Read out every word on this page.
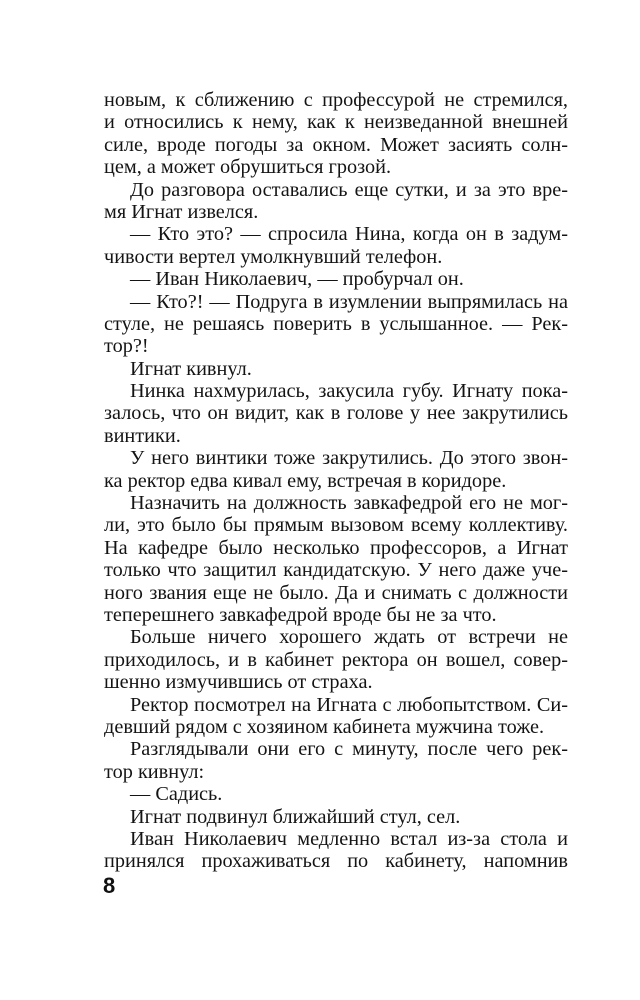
новым, к сближению с профессурой не стремился,
и относились к нему, как к неизведанной внешней
силе, вроде погоды за окном. Может засиять солн-
цем, а может обрушиться грозой.
До разговора оставались еще сутки, и за это вре-
мя Игнат извелся.
— Кто это? — спросила Нина, когда он в задум-
чивости вертел умолкнувший телефон.
— Иван Николаевич, — пробурчал он.
— Кто?! — Подруга в изумлении выпрямилась на
стуле, не решаясь поверить в услышанное. — Рек-
тор?!
Игнат кивнул.
Нинка нахмурилась, закусила губу. Игнату пока-
залось, что он видит, как в голове у нее закрутились
винтики.
У него винтики тоже закрутились. До этого звон-
ка ректор едва кивал ему, встречая в коридоре.
Назначить на должность завкафедрой его не мог-
ли, это было бы прямым вызовом всему коллективу.
На кафедре было несколько профессоров, а Игнат
только что защитил кандидатскую. У него даже уче-
ного звания еще не было. Да и снимать с должности
теперешнего завкафедрой вроде бы не за что.
Больше ничего хорошего ждать от встречи не
приходилось, и в кабинет ректора он вошел, совер-
шенно измучившись от страха.
Ректор посмотрел на Игната с любопытством. Си-
девший рядом с хозяином кабинета мужчина тоже.
Разглядывали они его с минуту, после чего рек-
тор кивнул:
— Садись.
Игнат подвинул ближайший стул, сел.
Иван Николаевич медленно встал из-за стола и
принялся прохаживаться по кабинету, напомнив
8
